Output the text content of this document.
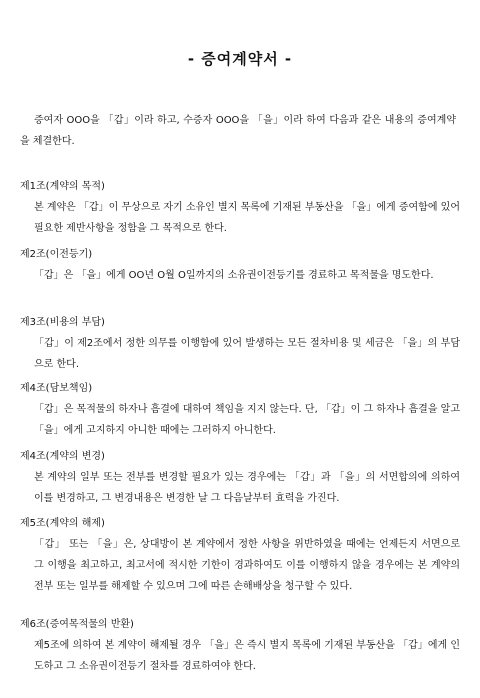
- 증여계약서 -

증여자 OOO을 「갑」이라 하고, 수증자 OOO을 「을」이라 하여 다음과 같은 내용의 증여계약을 체결한다.

제1조(계약의 목적)

본 계약은 「갑」이 무상으로 자기 소유인 별지 목록에 기재된 부동산을 「을」에게 증여함에 있어 필요한 제반사항을 정함을 그 목적으로 한다.

제2조(이전등기)

「갑」은 「을」에게 OO년 O월 O일까지의 소유권이전등기를 경료하고 목적물을 명도한다.

제3조(비용의 부담)

「갑」이 제2조에서 정한 의무를 이행함에 있어 발생하는 모든 절차비용 및 세금은 「을」의 부담으로 한다.

제4조(담보책임)

「갑」은 목적물의 하자나 흠결에 대하여 책임을 지지 않는다. 단, 「갑」이 그 하자나 흠결을 알고 「을」에게 고지하지 아니한 때에는 그러하지 아니한다.

제4조(계약의 변경)

본 계약의 일부 또는 전부를 변경할 필요가 있는 경우에는 「갑」과 「을」의 서면합의에 의하여 이를 변경하고, 그 변경내용은 변경한 날 그 다음날부터 효력을 가진다.

제5조(계약의 해제)

「갑」 또는 「을」은, 상대방이 본 계약에서 정한 사항을 위반하였을 때에는 언제든지 서면으로 그 이행을 최고하고, 최고서에 적시한 기한이 경과하여도 이를 이행하지 않을 경우에는 본 계약의 전부 또는 일부를 해제할 수 있으며 그에 따른 손해배상을 청구할 수 있다.

제6조(증여목적물의 반환)

제5조에 의하여 본 계약이 해제될 경우 「을」은 즉시 별지 목록에 기재된 부동산을 「갑」에게 인도하고 그 소유권이전등기 절차를 경료하여야 한다.
